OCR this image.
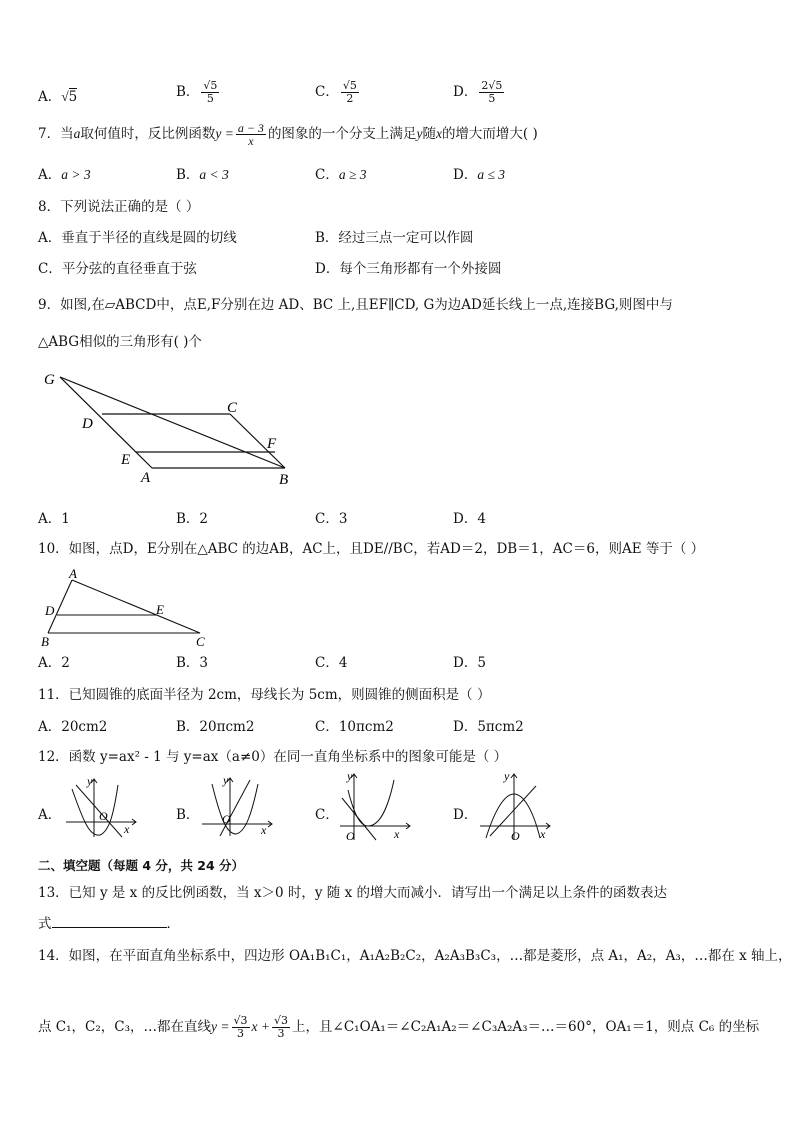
A．√5	B． $\frac{√5}{5}$	C． $\frac{√5}{2}$	D． $\frac{2√5}{5}$
7．当a取何值时，反比例函数$y = \frac{a - 3}{x}$ 的图象的一个分支上满足y随x的增大而增大( )
A．a > 3	B．a < 3	C．a ≥ 3	D．a ≤ 3
8．下列说法正确的是（ ）
A．垂直于半径的直线是圆的切线	B．经过三点一定可以作圆
C．平分弦的直径垂直于弦	D．每个三角形都有一个外接圆
9．如图,在▱ABCD中，点E,F分别在边 AD、BC 上,且EF∥CD, G为边AD延长线上一点,连接BG,则图中与
△ABG相似的三角形有( )个
G
D
C
F
E
A	B
A．1	B．2	C．3	D．4
10．如图，点D，E分别在△ABC 的边AB，AC上，且DE//BC，若AD＝2，DB＝1，AC＝6，则AE 等于（ ）
A
D	E
B	C
A．2	B．3	C．4	D．5
11．已知圆锥的底面半径为 2cm，母线长为 5cm，则圆锥的侧面积是（ ）
A．20cm2	B．20πcm2	C．10πcm2	D．5πcm2
12．函数 y=ax² - 1 与 y=ax（a≠0）在同一直角坐标系中的图象可能是（ ）
A．
y
O
x
B．
y
O
x
C．
y
O	x
D．
y
O x
二、填空题（每题 4 分，共 24 分）
13．已知 y 是 x 的反比例函数，当 x＞0 时，y 随 x 的增大而减小．请写出一个满足以上条件的函数表达
式	．
14．如图，在平面直角坐标系中，四边形 OA₁B₁C₁，A₁A₂B₂C₂，A₂A₃B₃C₃，…都是菱形，点 A₁，A₂，A₃，…都在 x 轴上，
点 C₁，C₂，C₃，…都在直线$y = \frac{√3}{3}$ $x + \frac{√3}{3}$ 上，且∠C₁OA₁＝∠C₂A₁A₂＝∠C₃A₂A₃＝…＝60°，OA₁＝1，则点 C₆ 的坐标
